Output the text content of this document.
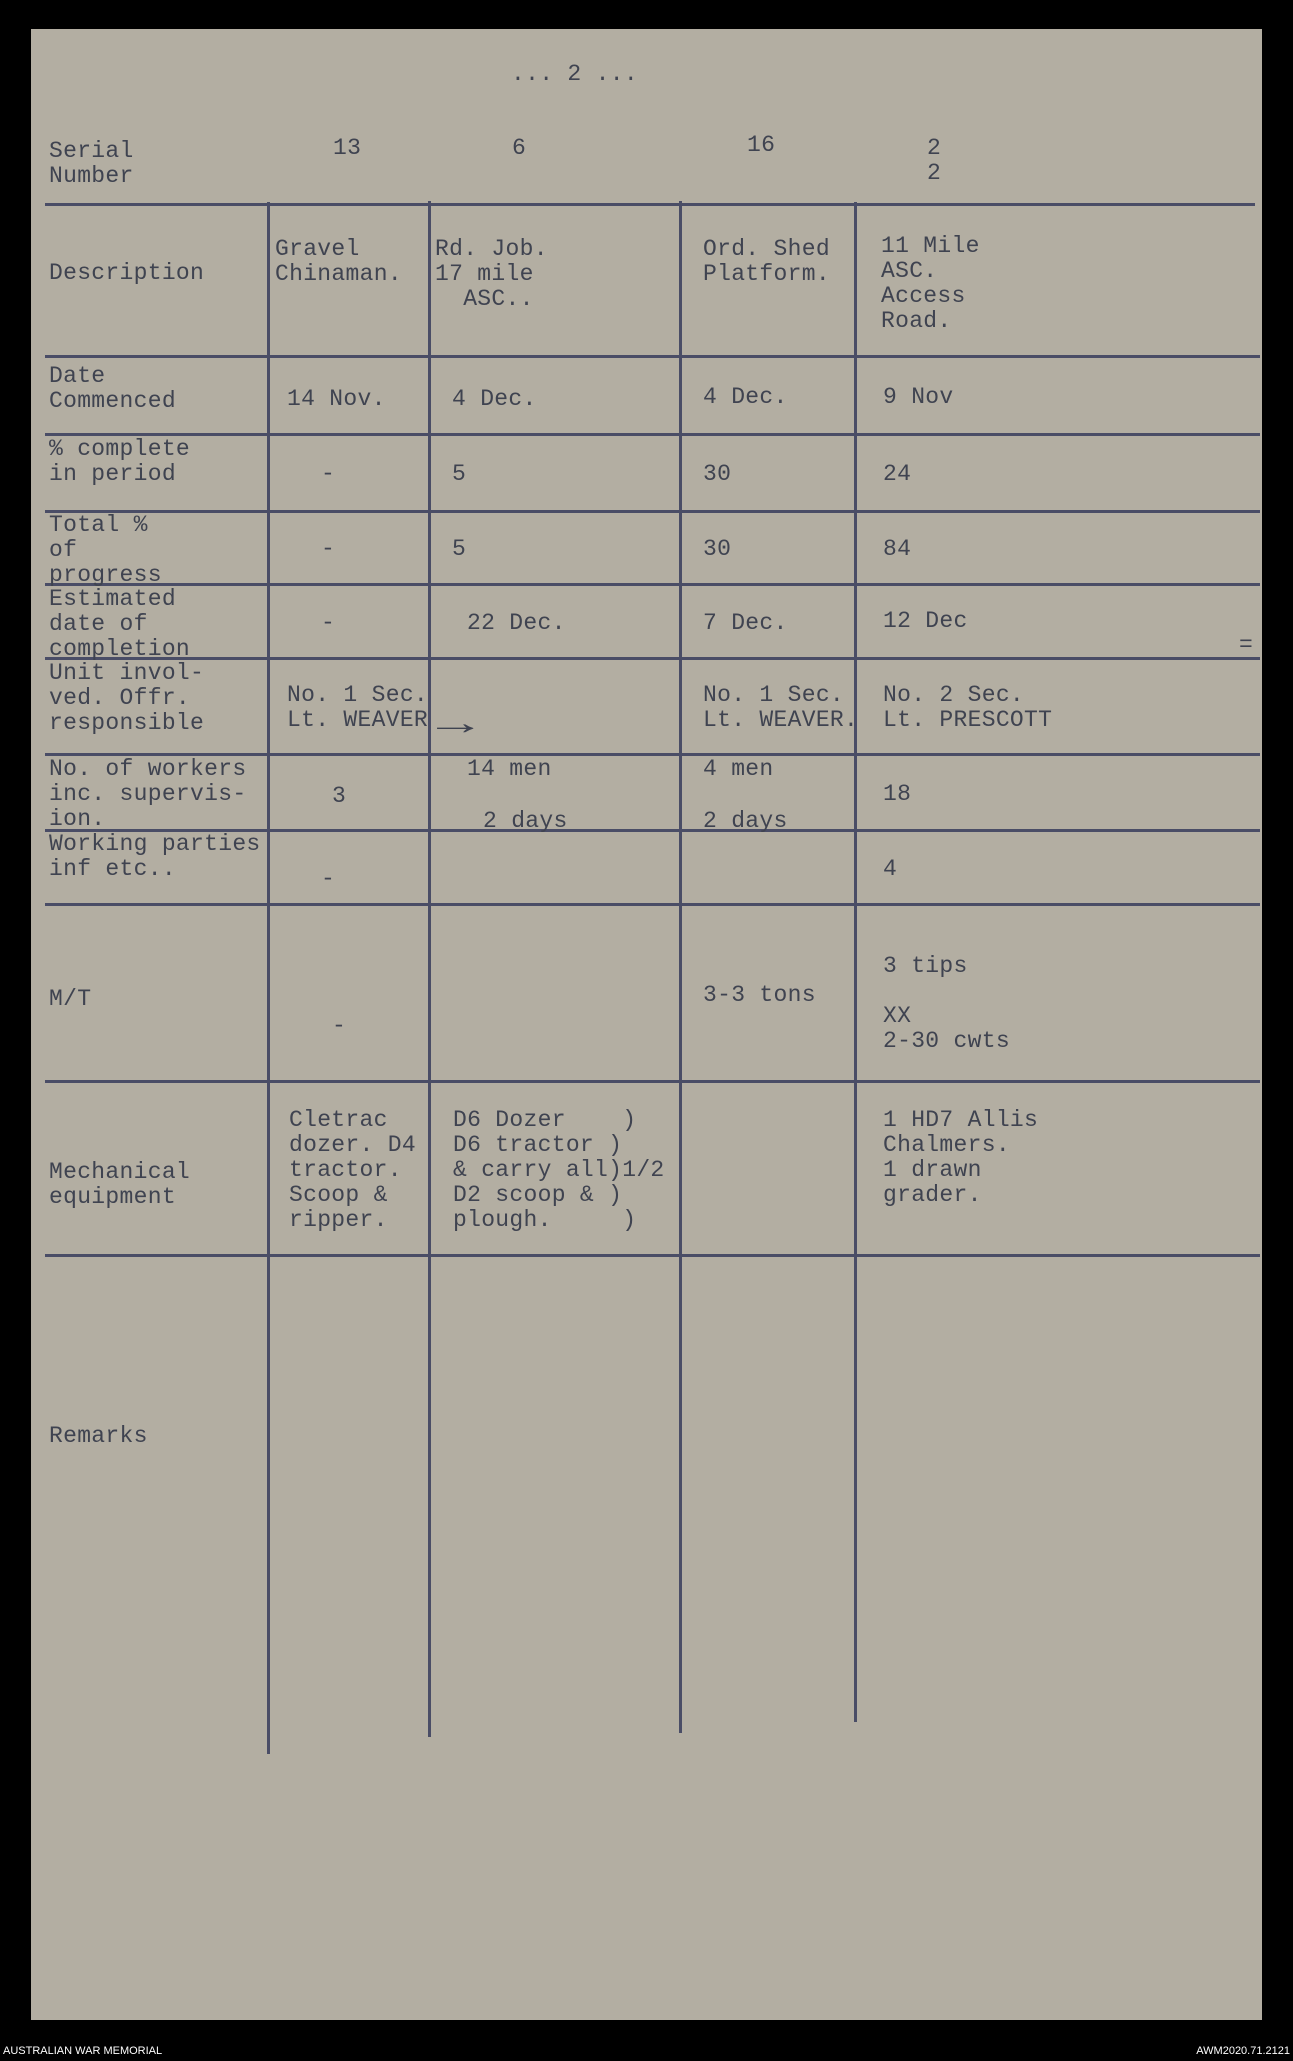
... 2 ...
Serial
Number
Description
Date
Commenced
% complete
in period
Total %
of
progress
Estimated
date of
completion
Unit invol-
ved. Offr.
responsible
No. of workers
inc. supervis-
ion.
Working parties
inf etc..
M/T
Mechanical
equipment
Remarks
13
Gravel
Chinaman.
14 Nov.
-
-
-
No. 1 Sec.
Lt. WEAVER
3
-
-
Cletrac
dozer. D4
tractor.
Scoop &
ripper.
6
Rd. Job.
17 mile
ASC..
4 Dec.
5
5
22 Dec.
→
14 men
2 days
D6 Dozer    )
D6 tractor )
& carry all)1/2
D2 scoop & )
plough.     )
16
Ord. Shed
Platform.
4 Dec.
30
30
7 Dec.
No. 1 Sec.
Lt. WEAVER.
4 men
2 days
3-3 tons
2
2
11 Mile
ASC.
Access
Road.
9 Nov
24
84
12 Dec
No. 2 Sec.
Lt. PRESCOTT
18
4
3 tips

XX
2-30 cwts
1 HD7 Allis
Chalmers.
1 drawn
grader.
=
AUSTRALIAN WAR MEMORIAL	AWM2020.71.2121
